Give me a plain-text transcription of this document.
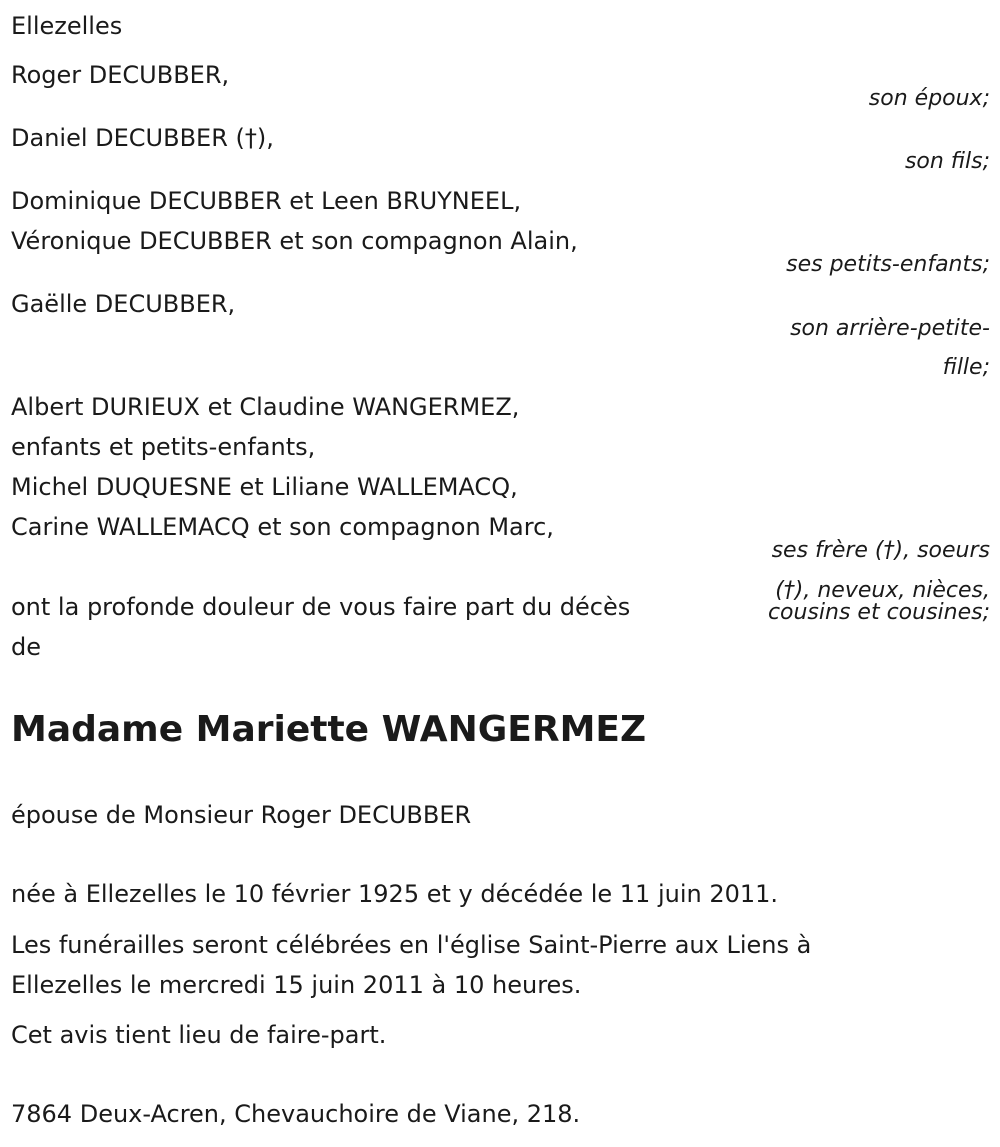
Ellezelles

Roger DECUBBER,

son époux;

Daniel DECUBBER (†),

son fils;

Dominique DECUBBER et Leen BRUYNEEL,

Véronique DECUBBER et son compagnon Alain,

ses petits-enfants;

Gaëlle DECUBBER,

son arrière-petite-

fille;

Albert DURIEUX et Claudine WANGERMEZ,

enfants et petits-enfants,

Michel DUQUESNE et Liliane WALLEMACQ,

Carine WALLEMACQ et son compagnon Marc,

ses frère (†), soeurs

(†), neveux, nièces,

cousins et cousines;

ont la profonde douleur de vous faire part du décès

de

Madame Mariette WANGERMEZ

épouse de Monsieur Roger DECUBBER

née à Ellezelles le 10 février 1925 et y décédée le 11 juin 2011.

Les funérailles seront célébrées en l'église Saint-Pierre aux Liens à

Ellezelles le mercredi 15 juin 2011 à 10 heures.

Cet avis tient lieu de faire-part.

7864 Deux-Acren, Chevauchoire de Viane, 218.
